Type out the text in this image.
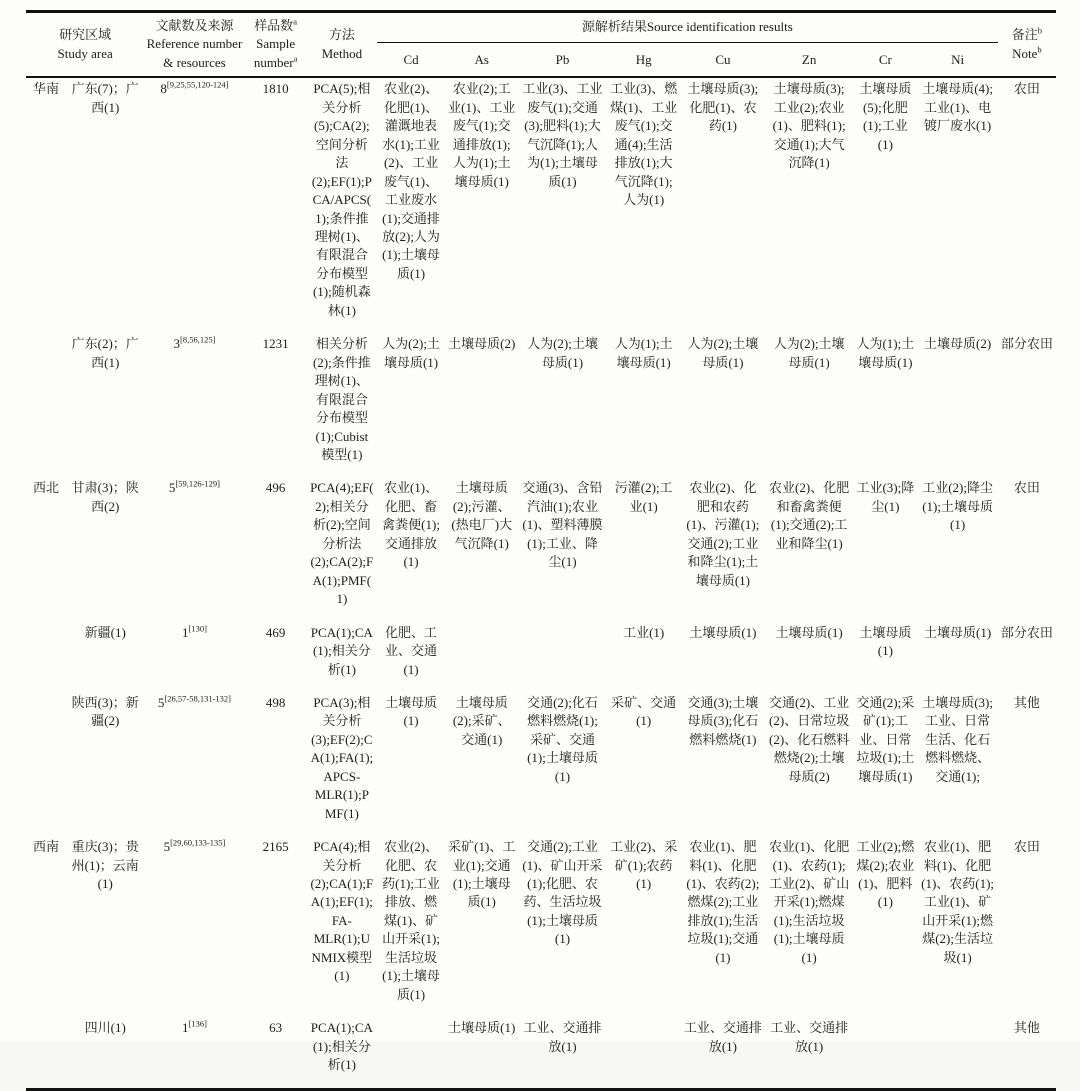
研究区域
Study area		文献数及来源
Reference number & resources	样品数$^a$
Sample number$^a$	方法
Method	源解析结果Source identification results								备注$^b$
Note$^b$

					Cd	As	Pb	Hg	Cu	Zn	Cr	Ni	
华南	广东(7)；广西(1)	8[9,25,55,120-124]	1810	PCA(5);相关分析(5);CA(2);空间分析法(2);EF(1);PCA/APCS(1);条件推理树(1)、有限混合分布模型(1);随机森林(1)	农业(2)、化肥(1)、灌溉地表水(1);工业(2)、工业废气(1)、工业废水(1);交通排放(2);人为(1);土壤母质(1)	农业(2);工业(1)、工业废气(1);交通排放(1);人为(1);土壤母质(1)	工业(3)、工业废气(1);交通(3);肥料(1);大气沉降(1);人为(1);土壤母质(1)	工业(3)、燃煤(1)、工业废气(1);交通(4);生活排放(1);大气沉降(1);人为(1)	土壤母质(3);化肥(1)、农药(1)	土壤母质(3);工业(2);农业(1)、肥料(1);交通(1);大气沉降(1)	土壤母质(5);化肥(1);工业(1)	土壤母质(4);工业(1)、电镀厂废水(1)	农田
	广东(2)；广西(1)	3[8,56,125]	1231	相关分析(2);条件推理树(1)、有限混合分布模型(1);Cubist模型(1)	人为(2);土壤母质(1)	土壤母质(2)	人为(2);土壤母质(1)	人为(1);土壤母质(1)	人为(2);土壤母质(1)	人为(2);土壤母质(1)	人为(1);土壤母质(1)	土壤母质(2)	部分农田
西北	甘肃(3)；陕西(2)	5[59,126-129]	496	PCA(4);EF(2);相关分析(2);空间分析法(2);CA(2);FA(1);PMF(1)	农业(1)、化肥、畜禽粪便(1);交通排放(1)	土壤母质(2);污灌、(热电厂)大气沉降(1)	交通(3)、含铅汽油(1);农业(1)、塑料薄膜(1);工业、降尘(1)	污灌(2);工业(1)	农业(2)、化肥和农药(1)、污灌(1);交通(2);工业和降尘(1);土壤母质(1)	农业(2)、化肥和畜禽粪便(1);交通(2);工业和降尘(1)	工业(3);降尘(1)	工业(2);降尘(1);土壤母质(1)	农田
	新疆(1)	1[130]	469	PCA(1);CA(1);相关分析(1)	化肥、工业、交通(1)			工业(1)	土壤母质(1)	土壤母质(1)	土壤母质(1)	土壤母质(1)	部分农田
	陕西(3)；新疆(2)	5[26,57-58,131-132]	498	PCA(3);相关分析(3);EF(2);CA(1);FA(1);APCS-MLR(1);PMF(1)	土壤母质(1)	土壤母质(2);采矿、交通(1)	交通(2);化石燃料燃烧(1);采矿、交通(1);土壤母质(1)	采矿、交通(1)	交通(3);土壤母质(3);化石燃料燃烧(1)	交通(2)、工业(2)、日常垃圾(2)、化石燃料燃烧(2);土壤母质(2)	交通(2);采矿(1);工业、日常垃圾(1);土壤母质(1)	土壤母质(3);工业、日常生活、化石燃料燃烧、交通(1);	其他
西南	重庆(3)；贵州(1)；云南(1)	5[29,60,133-135]	2165	PCA(4);相关分析(2);CA(1);FA(1);EF(1);FA-MLR(1);UNMIX模型(1)	农业(2)、化肥、农药(1);工业排放、燃煤(1)、矿山开采(1);生活垃圾(1);土壤母质(1)	采矿(1)、工业(1);交通(1);土壤母质(1)	交通(2);工业(1)、矿山开采(1);化肥、农药、生活垃圾(1);土壤母质(1)	工业(2)、采矿(1);农药(1)	农业(1)、肥料(1)、化肥(1)、农药(2);燃煤(2);工业排放(1);生活垃圾(1);交通(1)	农业(1)、化肥(1)、农药(1);工业(2)、矿山开采(1);燃煤(1);生活垃圾(1);土壤母质(1)	工业(2);燃煤(2);农业(1)、肥料(1)	农业(1)、肥料(1)、化肥(1)、农药(1);工业(1)、矿山开采(1);燃煤(2);生活垃圾(1)	农田
	四川(1)	1[136]	63	PCA(1);CA(1);相关分析(1)		土壤母质(1)	工业、交通排放(1)		工业、交通排放(1)	工业、交通排放(1)			其他
